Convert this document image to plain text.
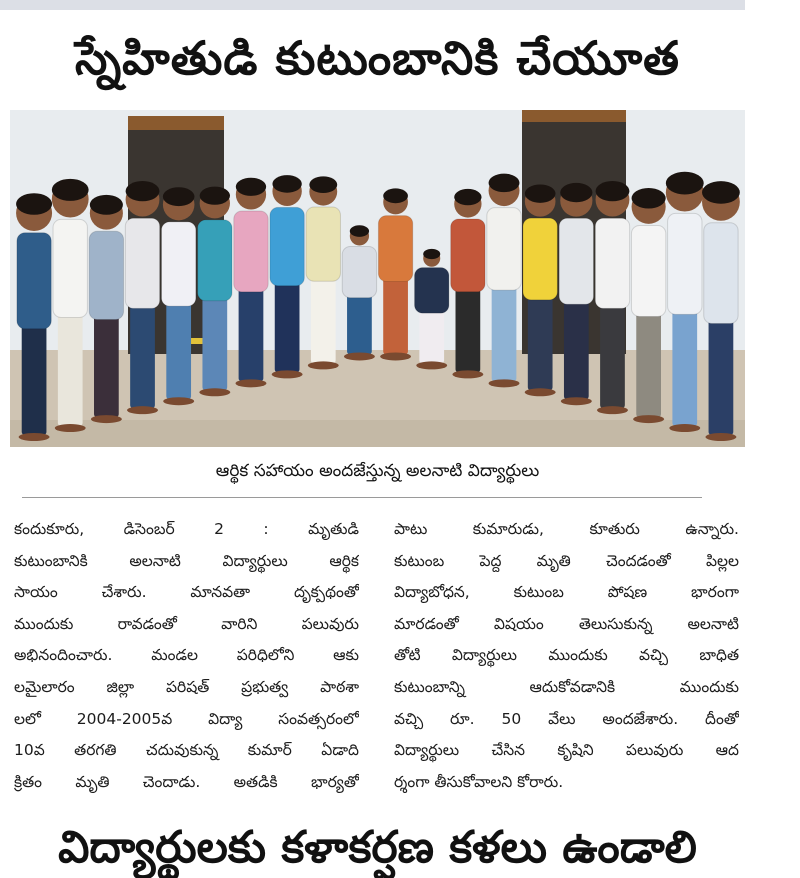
స్నేహితుడి కుటుంబానికి చేయూత
ఆర్థిక సహాయం అందజేస్తున్న అలనాటి విద్యార్థులు

కందుకూరు, డిసెంబర్ 2 : మృతుడి

కుటుంబానికి అలనాటి విద్యార్థులు ఆర్థిక

సాయం చేశారు. మానవతా దృక్పథంతో

ముందుకు రావడంతో వారిని పలువురు

అభినందించారు. మండల పరిధిలోని ఆకు

లమైలారం జిల్లా పరిషత్ ప్రభుత్వ పాఠశా

లలో 2004-2005వ విద్యా సంవత్సరంలో

10వ తరగతి చదువుకున్న కుమార్ ఏడాది

క్రితం మృతి చెందాడు. అతడికి భార్యతో

పాటు కుమారుడు, కూతురు ఉన్నారు.

కుటుంబ పెద్ద మృతి చెందడంతో పిల్లల

విద్యాబోధన, కుటుంబ పోషణ భారంగా

మారడంతో విషయం తెలుసుకున్న అలనాటి

తోటి విద్యార్థులు ముందుకు వచ్చి బాధిత

కుటుంబాన్ని ఆదుకోవడానికి ముందుకు

వచ్చి రూ. 50 వేలు అందజేశారు. దీంతో

విద్యార్థులు చేసిన కృషిని పలువురు ఆద

ర్శంగా తీసుకోవాలని కోరారు.

విద్యార్థులకు కళాకర్షణ కళలు ఉండాలి
